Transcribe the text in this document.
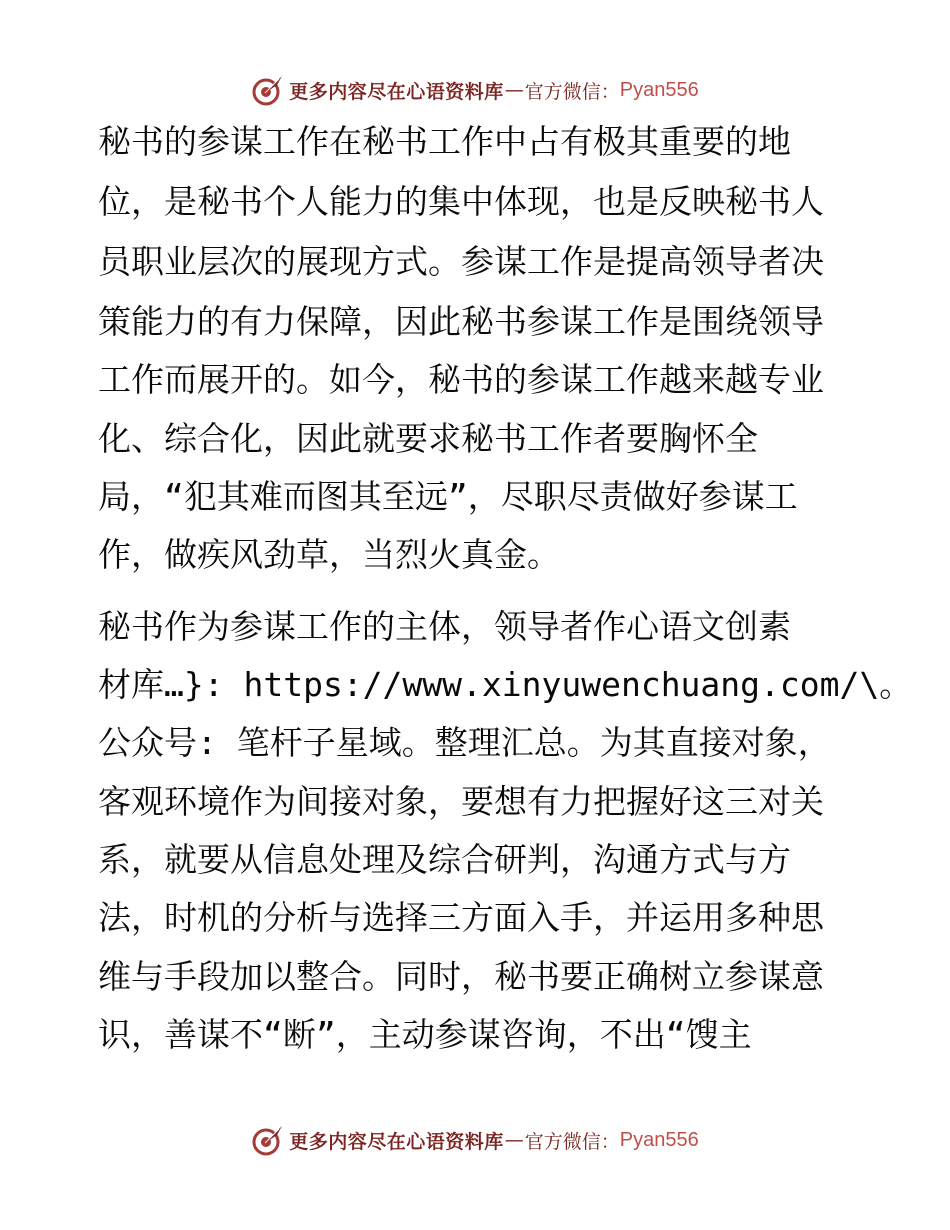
更多内容尽在心语资料库 — 官方微信： Pyan556
秘书的参谋工作在秘书工作中占有极其重要的地
位，是秘书个人能力的集中体现，也是反映秘书人
员职业层次的展现方式。参谋工作是提高领导者决
策能力的有力保障，因此秘书参谋工作是围绕领导
工作而展开的。如今，秘书的参谋工作越来越专业
化、综合化，因此就要求秘书工作者要胸怀全
局，“犯其难而图其至远”，尽职尽责做好参谋工
作，做疾风劲草，当烈火真金。
秘书作为参谋工作的主体，领导者作心语文创素
材库…}: https://www.xinyuwenchuang.com/\。
公众号: 笔杆子星域。整理汇总。为其直接对象，
客观环境作为间接对象，要想有力把握好这三对关
系，就要从信息处理及综合研判，沟通方式与方
法，时机的分析与选择三方面入手，并运用多种思
维与手段加以整合。同时，秘书要正确树立参谋意
识，善谋不“断”，主动参谋咨询，不出“馊主
更多内容尽在心语资料库 — 官方微信： Pyan556
